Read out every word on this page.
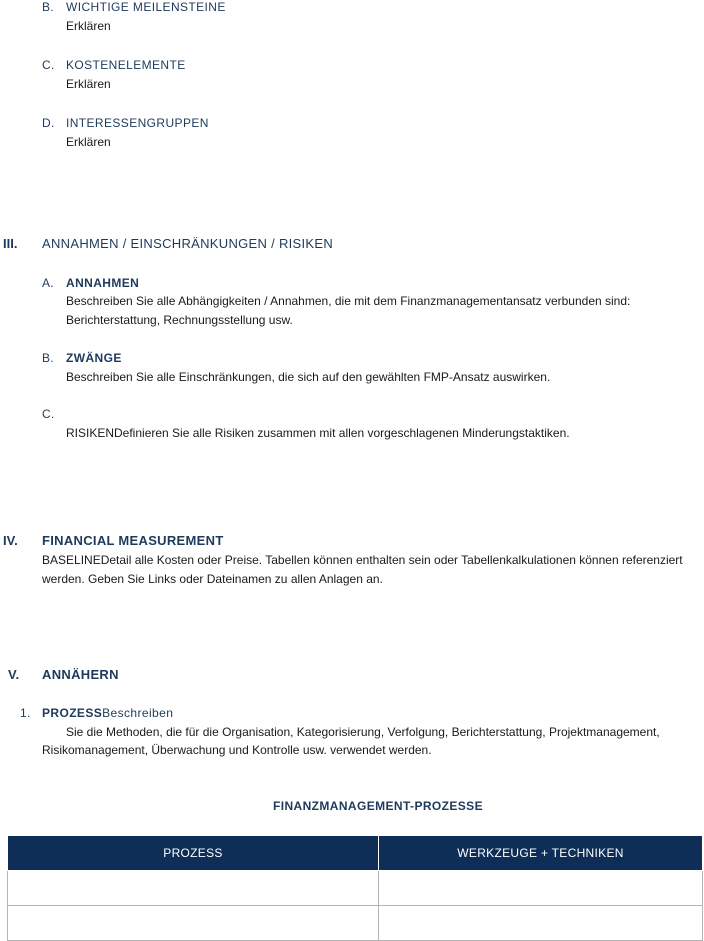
B. WICHTIGE MEILENSTEINE
Erklären
C. KOSTENELEMENTE
Erklären
D. INTERESSENGRUPPEN
Erklären
III. ANNAHMEN / EINSCHRÄNKUNGEN / RISIKEN
A. ANNAHMEN
Beschreiben Sie alle Abhängigkeiten / Annahmen, die mit dem Finanzmanagementansatz verbunden sind:
Berichterstattung, Rechnungsstellung usw.
B. ZWÄNGE
Beschreiben Sie alle Einschränkungen, die sich auf den gewählten FMP-Ansatz auswirken.
C.
RISIKENDefinieren Sie alle Risiken zusammen mit allen vorgeschlagenen Minderungstaktiken.
IV. FINANCIAL MEASUREMENT
BASELINEDetail alle Kosten oder Preise. Tabellen können enthalten sein oder Tabellenkalkulationen können referenziert
werden. Geben Sie Links oder Dateinamen zu allen Anlagen an.
V. ANNÄHERN
1. PROZESSBeschreiben
Sie die Methoden, die für die Organisation, Kategorisierung, Verfolgung, Berichterstattung, Projektmanagement,
Risikomanagement, Überwachung und Kontrolle usw. verwendet werden.
FINANZMANAGEMENT-PROZESSE
PROZESS	WERKZEUGE + TECHNIKEN
